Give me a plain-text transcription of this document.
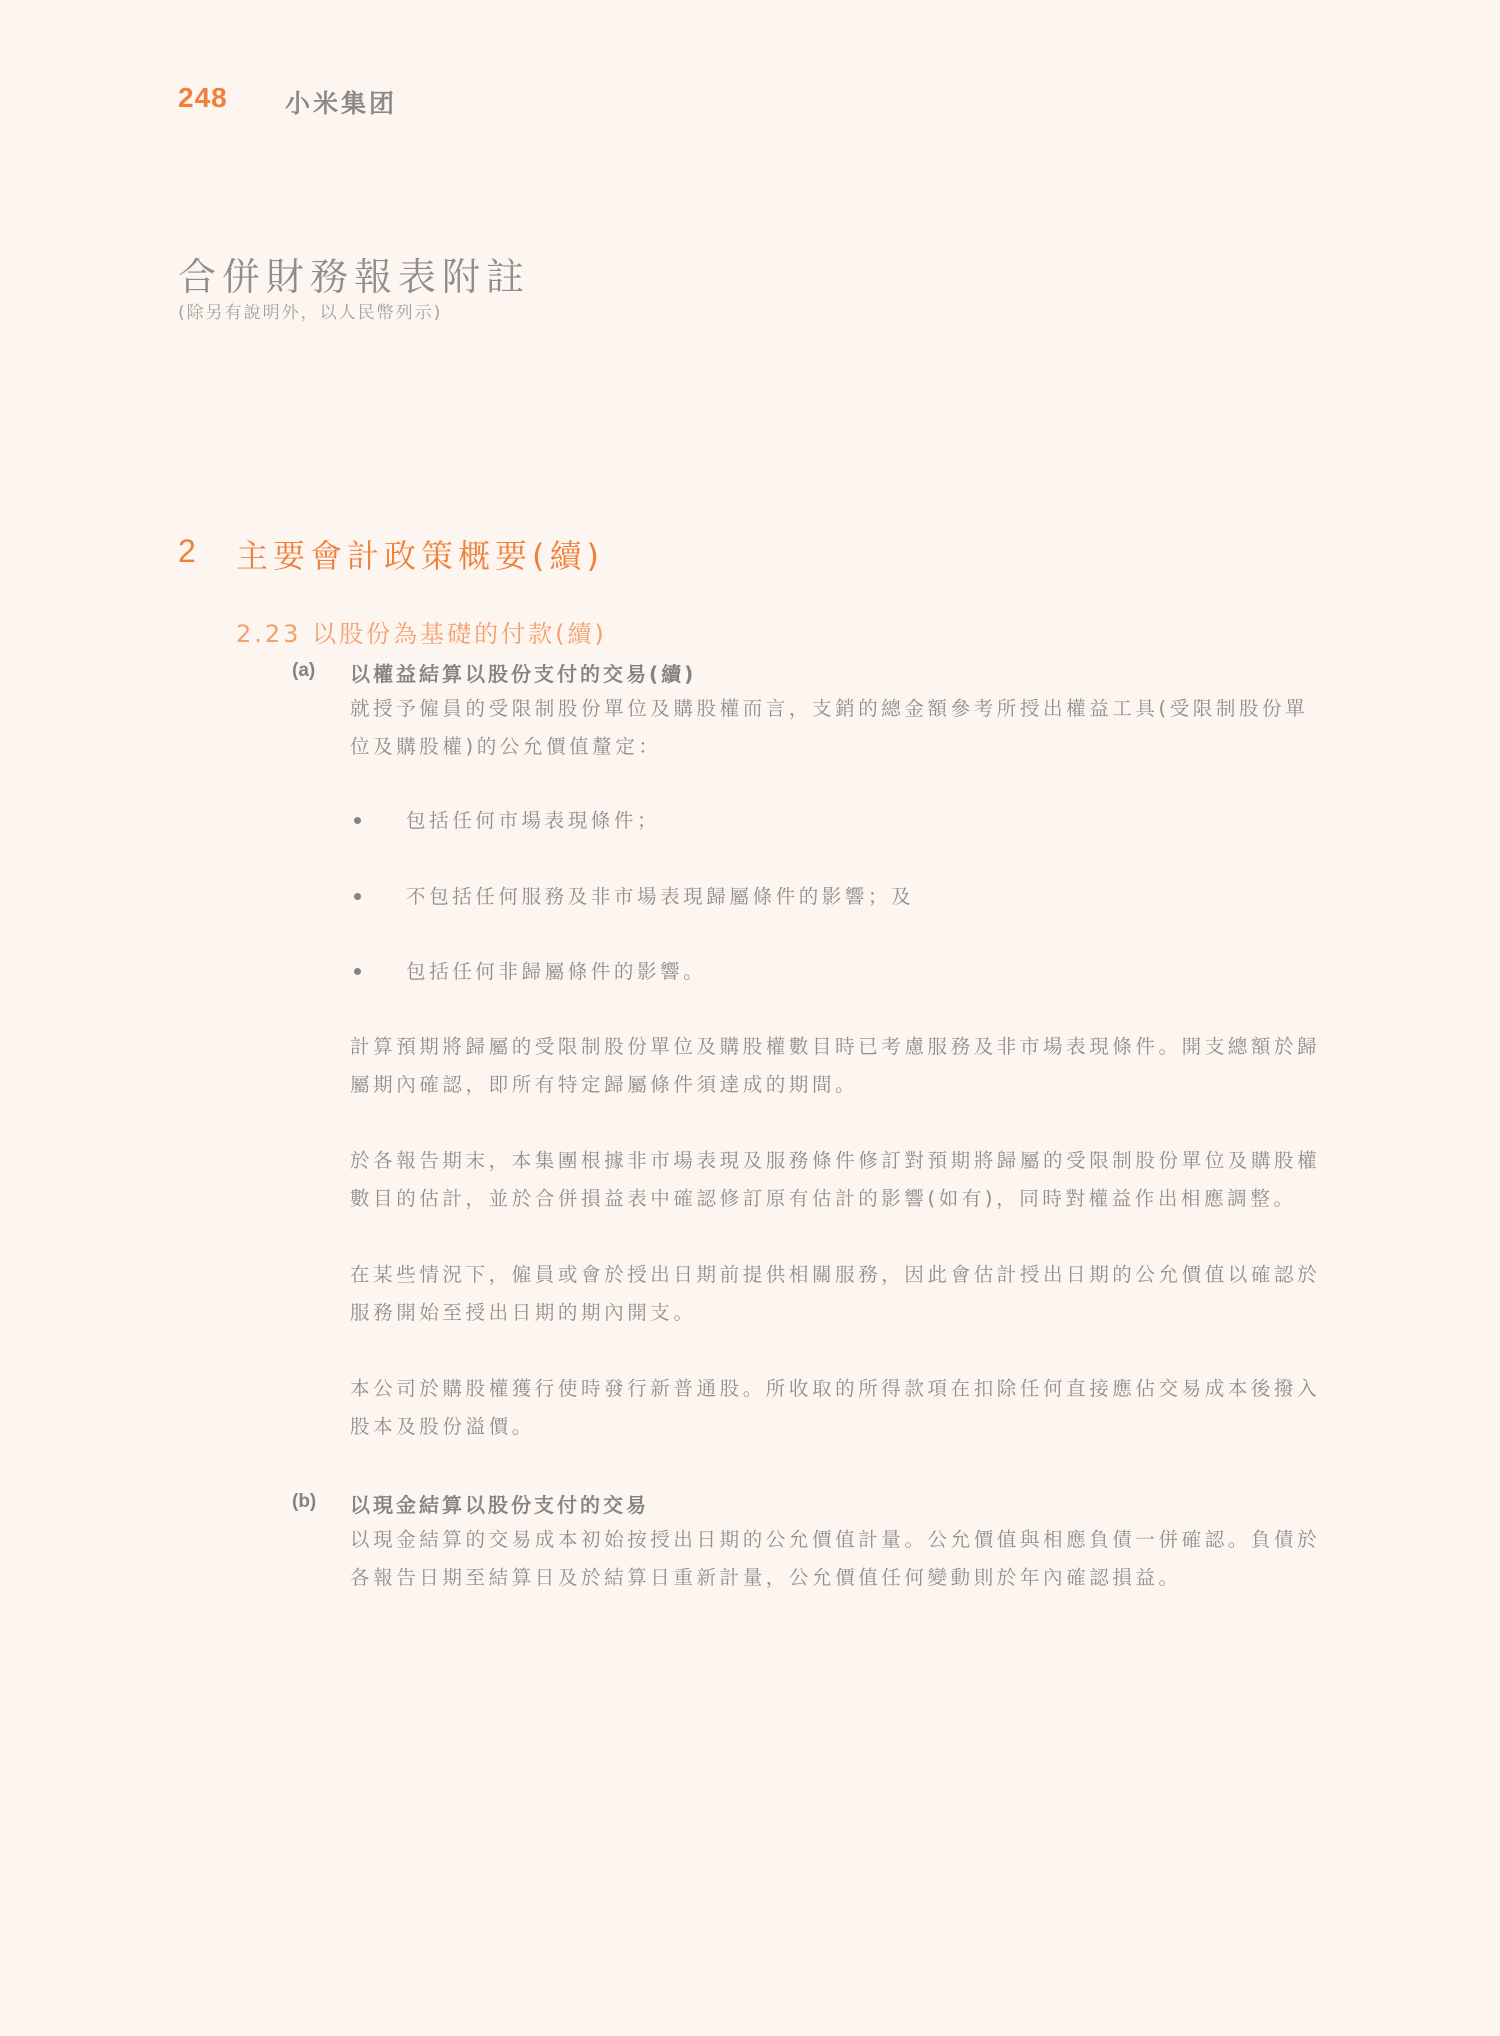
248 小米集团
合併財務報表附註
(除另有說明外，以人民幣列示)
2 主要會計政策概要(續)
2.23 以股份為基礎的付款(續)
(a) 以權益結算以股份支付的交易(續)

就授予僱員的受限制股份單位及購股權而言，支銷的總金額參考所授出權益工具(受限制股份單位及購股權)的公允價值釐定：

包括任何市場表現條件；
不包括任何服務及非市場表現歸屬條件的影響；及
包括任何非歸屬條件的影響。

計算預期將歸屬的受限制股份單位及購股權數目時已考慮服務及非市場表現條件。開支總額於歸屬期內確認，即所有特定歸屬條件須達成的期間。

於各報告期末，本集團根據非市場表現及服務條件修訂對預期將歸屬的受限制股份單位及購股權數目的估計，並於合併損益表中確認修訂原有估計的影響(如有)，同時對權益作出相應調整。

在某些情況下，僱員或會於授出日期前提供相關服務，因此會估計授出日期的公允價值以確認於服務開始至授出日期的期內開支。

本公司於購股權獲行使時發行新普通股。所收取的所得款項在扣除任何直接應佔交易成本後撥入股本及股份溢價。

(b) 以現金結算以股份支付的交易

以現金結算的交易成本初始按授出日期的公允價值計量。公允價值與相應負債一併確認。負債於各報告日期至結算日及於結算日重新計量，公允價值任何變動則於年內確認損益。
